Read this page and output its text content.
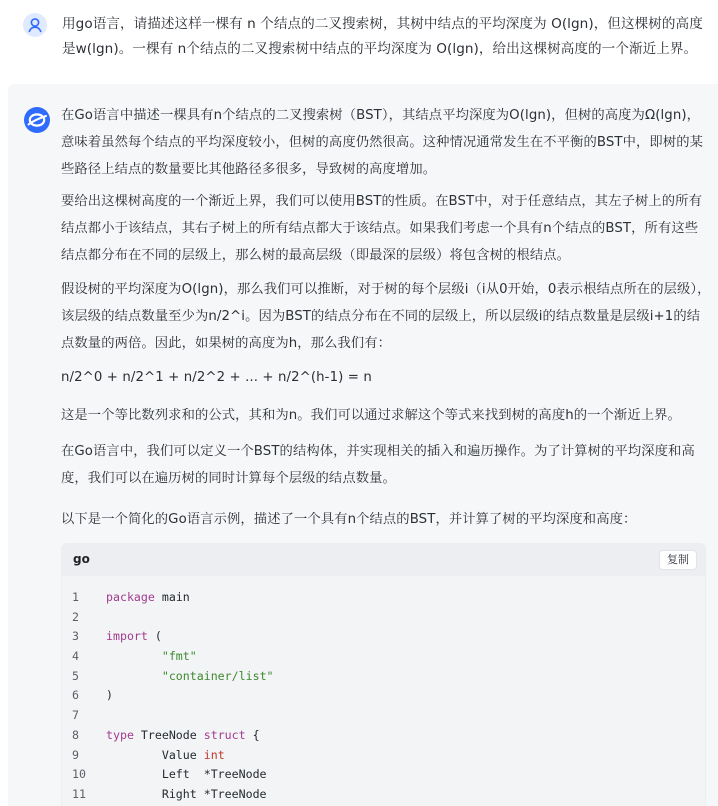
用go语言，请描述这样一棵有 n 个结点的二叉搜索树，其树中结点的平均深度为 O(lgn)，但这棵树的高度是w(lgn)。一棵有 n个结点的二叉搜索树中结点的平均深度为 O(lgn)，给出这棵树高度的一个渐近上界。
在Go语言中描述一棵具有n个结点的二叉搜索树（BST），其结点平均深度为O(lgn)，但树的高度为Ω(lgn)，意味着虽然每个结点的平均深度较小，但树的高度仍然很高。这种情况通常发生在不平衡的BST中，即树的某些路径上结点的数量要比其他路径多很多，导致树的高度增加。
要给出这棵树高度的一个渐近上界，我们可以使用BST的性质。在BST中，对于任意结点，其左子树上的所有结点都小于该结点，其右子树上的所有结点都大于该结点。如果我们考虑一个具有n个结点的BST，所有这些结点都分布在不同的层级上，那么树的最高层级（即最深的层级）将包含树的根结点。
假设树的平均深度为O(lgn)，那么我们可以推断，对于树的每个层级i（i从0开始，0表示根结点所在的层级），该层级的结点数量至少为n/2^i。因为BST的结点分布在不同的层级上，所以层级i的结点数量是层级i+1的结点数量的两倍。因此，如果树的高度为h，那么我们有：
n/2^0 + n/2^1 + n/2^2 + ... + n/2^(h-1) = n
这是一个等比数列求和的公式，其和为n。我们可以通过求解这个等式来找到树的高度h的一个渐近上界。
在Go语言中，我们可以定义一个BST的结构体，并实现相关的插入和遍历操作。为了计算树的平均深度和高度，我们可以在遍历树的同时计算每个层级的结点数量。
以下是一个简化的Go语言示例，描述了一个具有n个结点的BST，并计算了树的平均深度和高度：
go	复制
1	package main
2
3	import (
4	"fmt"
5	"container/list"
6	)
7
8	type TreeNode struct {
9	Value int
10 Left  *TreeNode
11 Right *TreeNode
